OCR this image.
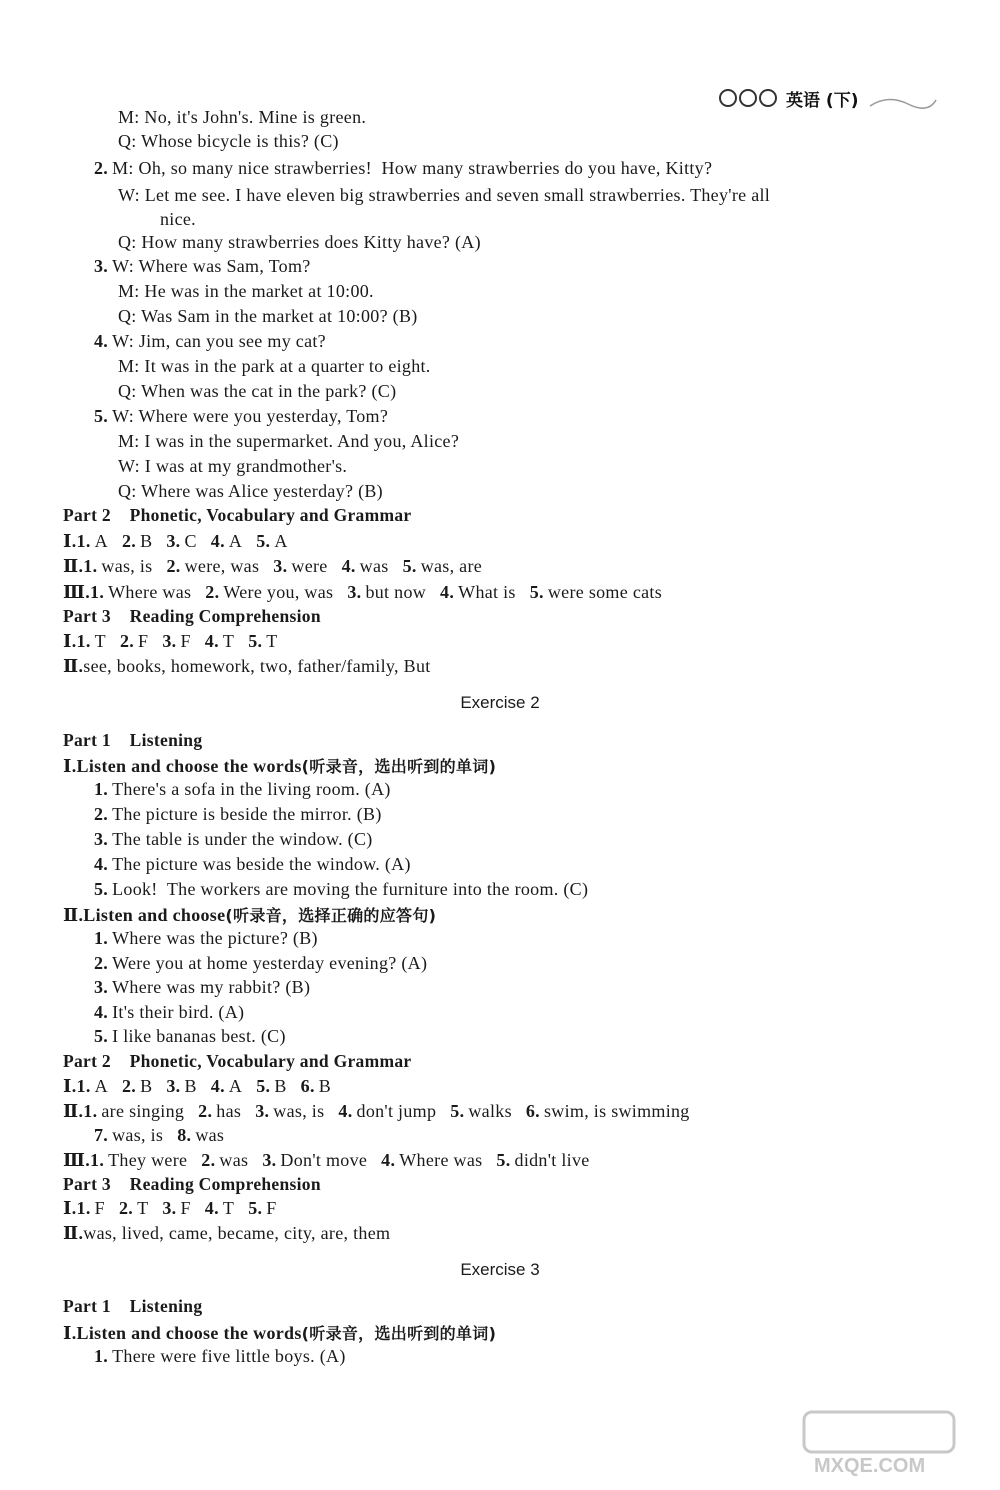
英语 (下)
M: No, it's John's. Mine is green.
Q: Whose bicycle is this? (C)
2. M: Oh, so many nice strawberries!  How many strawberries do you have, Kitty?
W: Let me see. I have eleven big strawberries and seven small strawberries. They're all
nice.
Q: How many strawberries does Kitty have? (A)
3. W: Where was Sam, Tom?
M: He was in the market at 10:00.
Q: Was Sam in the market at 10:00? (B)
4. W: Jim, can you see my cat?
M: It was in the park at a quarter to eight.
Q: When was the cat in the park? (C)
5. W: Where were you yesterday, Tom?
M: I was in the supermarket. And you, Alice?
W: I was at my grandmother's.
Q: Where was Alice yesterday? (B)
Part 2    Phonetic, Vocabulary and Grammar
Ⅰ.1. A 2. B 3. C 4. A 5. A
Ⅱ.1. was, is 2. were, was 3. were 4. was 5. was, are
Ⅲ.1. Where was 2. Were you, was 3. but now 4. What is 5. were some cats
Part 3    Reading Comprehension
Ⅰ.1. T 2. F 3. F 4. T 5. T
Ⅱ.see, books, homework, two, father/family, But
Exercise 2
Part 1    Listening
Ⅰ.Listen and choose the words(听录音，选出听到的单词)
1. There's a sofa in the living room. (A)
2. The picture is beside the mirror. (B)
3. The table is under the window. (C)
4. The picture was beside the window. (A)
5. Look!  The workers are moving the furniture into the room. (C)
Ⅱ.Listen and choose(听录音，选择正确的应答句)
1. Where was the picture? (B)
2. Were you at home yesterday evening? (A)
3. Where was my rabbit? (B)
4. It's their bird. (A)
5. I like bananas best. (C)
Part 2    Phonetic, Vocabulary and Grammar
Ⅰ.1. A 2. B 3. B 4. A 5. B 6. B
Ⅱ.1. are singing 2. has 3. was, is 4. don't jump 5. walks 6. swim, is swimming
7. was, is 8. was
Ⅲ.1. They were 2. was 3. Don't move 4. Where was 5. didn't live
Part 3    Reading Comprehension
Ⅰ.1. F 2. T 3. F 4. T 5. F
Ⅱ.was, lived, came, became, city, are, them
Exercise 3
Part 1    Listening
Ⅰ.Listen and choose the words(听录音，选出听到的单词)
1. There were five little boys. (A)
MXQE.COM
